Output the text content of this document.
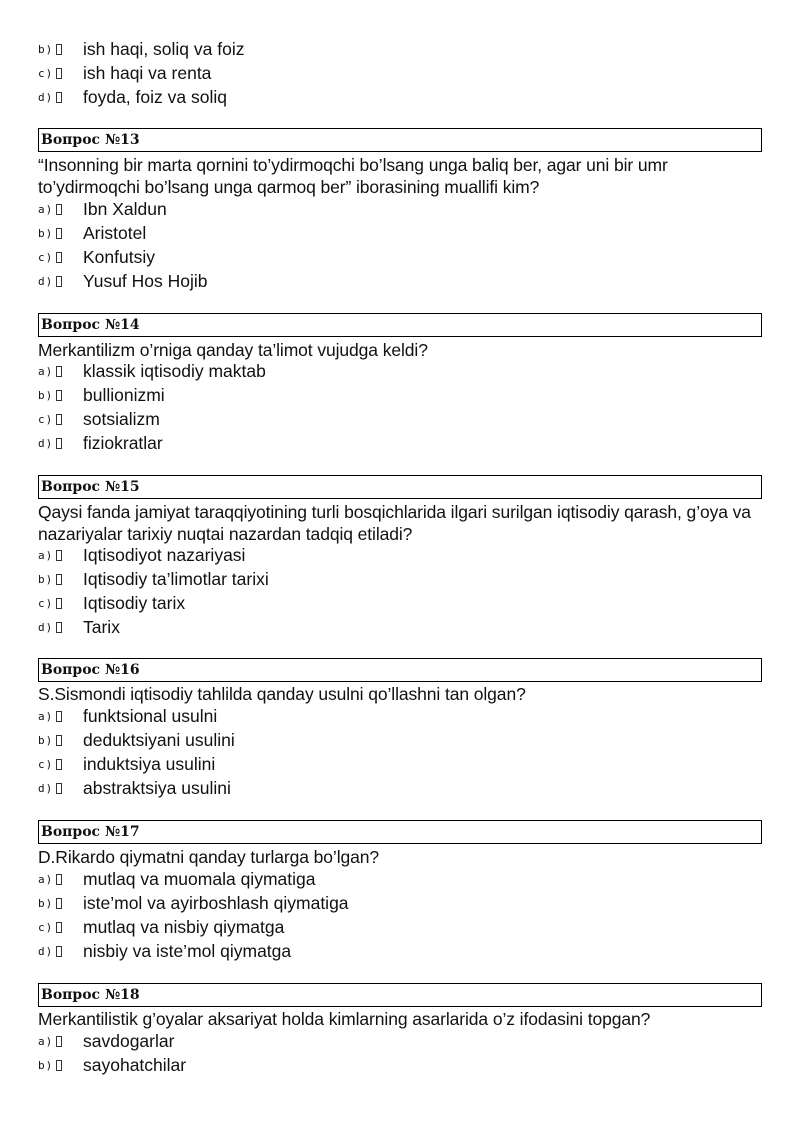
b) ish haqi, soliq va foiz
c) ish haqi va renta
d) foyda, foiz va soliq
Вопрос №13
“Insonning bir marta qornini to’ydirmoqchi bo’lsang unga baliq ber, agar uni bir umr to’ydirmoqchi bo’lsang unga qarmoq ber” iborasining muallifi kim?
a) Ibn Xaldun
b) Aristotel
c) Konfutsiy
d) Yusuf Hos Hojib
Вопрос №14
Merkantilizm o’rniga qanday ta’limot vujudga keldi?
a) klassik iqtisodiy maktab
b) bullionizmi
c) sotsializm
d) fiziokratlar
Вопрос №15
Qaysi fanda jamiyat taraqqiyotining turli bosqichlarida ilgari surilgan iqtisodiy qarash, g’oya va nazariyalar tarixiy nuqtai nazardan tadqiq etiladi?
a) Iqtisodiyot nazariyasi
b) Iqtisodiy ta’limotlar tarixi
c) Iqtisodiy tarix
d) Tarix
Вопрос №16
S.Sismondi iqtisodiy tahlilda qanday usulni qo’llashni tan olgan?
a) funktsional usulni
b) deduktsiyani usulini
c) induktsiya usulini
d) abstraktsiya usulini
Вопрос №17
D.Rikardo qiymatni qanday turlarga bo’lgan?
a) mutlaq va muomala qiymatiga
b) iste’mol va ayirboshlash qiymatiga
c) mutlaq va nisbiy qiymatga
d) nisbiy va iste’mol qiymatga
Вопрос №18
Merkantilistik g’oyalar aksariyat holda kimlarning asarlarida o’z ifodasini topgan?
a) savdogarlar
b) sayohatchilar
